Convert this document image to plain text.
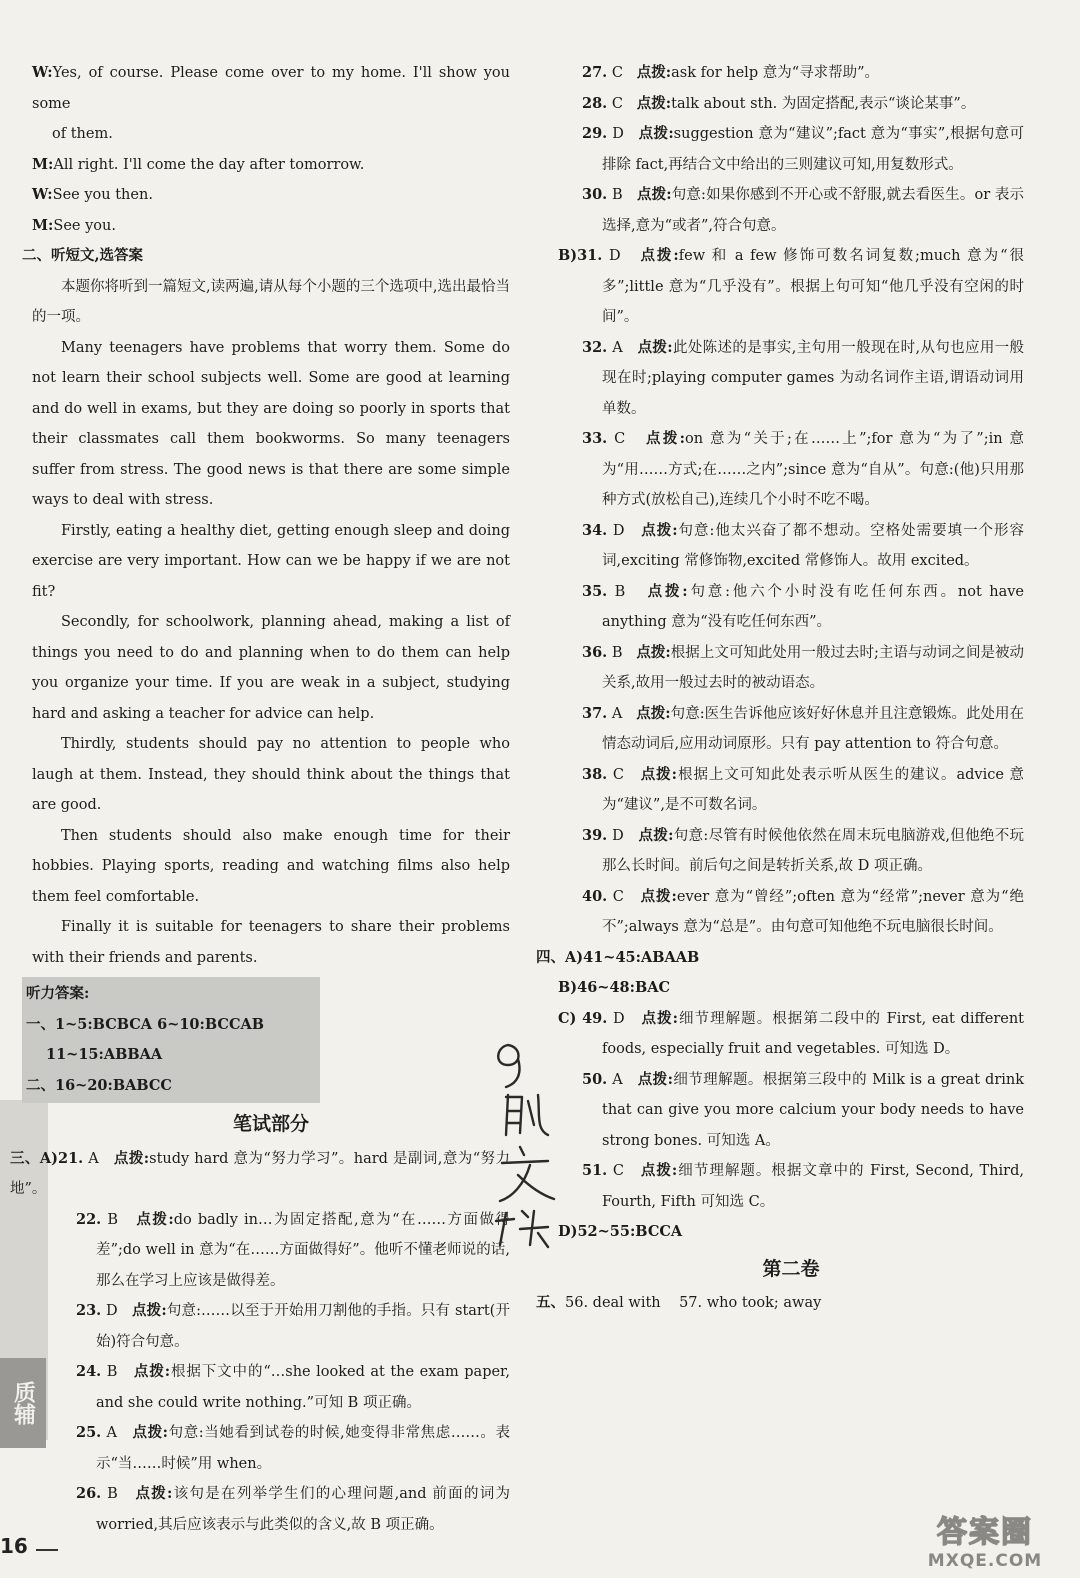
质辅

W:Yes, of course. Please come over to my home. I'll show you some

of them.

M:All right. I'll come the day after tomorrow.

W:See you then.

M:See you.

二、听短文,选答案

本题你将听到一篇短文,读两遍,请从每个小题的三个选项中,选出最恰当的一项。

Many teenagers have problems that worry them. Some do not learn their school subjects well. Some are good at learning and do well in exams, but they are doing so poorly in sports that their classmates call them bookworms. So many teenagers suffer from stress. The good news is that there are some simple ways to deal with stress.

Firstly, eating a healthy diet, getting enough sleep and doing exercise are very important. How can we be happy if we are not fit?

Secondly, for schoolwork, planning ahead, making a list of things you need to do and planning when to do them can help you organize your time. If you are weak in a subject, studying hard and asking a teacher for advice can help.

Thirdly, students should pay no attention to people who laugh at them. Instead, they should think about the things that are good.

Then students should also make enough time for their hobbies. Playing sports, reading and watching films also help them feel comfortable.

Finally it is suitable for teenagers to share their problems with their friends and parents.

听力答案:

一、1~5:BCBCA 6~10:BCCAB

11~15:ABBAA

二、16~20:BABCC

笔试部分

三、A)21. A 点拨:study hard 意为“努力学习”。hard 是副词,意为“努力地”。

22. B 点拨:do badly in…为固定搭配,意为“在……方面做得差”;do well in 意为“在……方面做得好”。他听不懂老师说的话,那么在学习上应该是做得差。

23. D 点拨:句意:……以至于开始用刀割他的手指。只有 start(开始)符合句意。

24. B 点拨:根据下文中的“…she looked at the exam paper, and she could write nothing.”可知 B 项正确。

25. A 点拨:句意:当她看到试卷的时候,她变得非常焦虑……。表示“当……时候”用 when。

26. B 点拨:该句是在列举学生们的心理问题,and 前面的词为 worried,其后应该表示与此类似的含义,故 B 项正确。

27. C 点拨:ask for help 意为“寻求帮助”。

28. C 点拨:talk about sth. 为固定搭配,表示“谈论某事”。

29. D 点拨:suggestion 意为“建议”;fact 意为“事实”,根据句意可排除 fact,再结合文中给出的三则建议可知,用复数形式。

30. B 点拨:句意:如果你感到不开心或不舒服,就去看医生。or 表示选择,意为“或者”,符合句意。

B)31. D 点拨:few 和 a few 修饰可数名词复数;much 意为“很多”;little 意为“几乎没有”。根据上句可知“他几乎没有空闲的时间”。

32. A 点拨:此处陈述的是事实,主句用一般现在时,从句也应用一般现在时;playing computer games 为动名词作主语,谓语动词用单数。

33. C 点拨:on 意为“关于;在……上”;for 意为“为了”;in 意为“用……方式;在……之内”;since 意为“自从”。句意:(他)只用那种方式(放松自己),连续几个小时不吃不喝。

34. D 点拨:句意:他太兴奋了都不想动。空格处需要填一个形容词,exciting 常修饰物,excited 常修饰人。故用 excited。

35. B 点拨:句意:他六个小时没有吃任何东西。not have anything 意为“没有吃任何东西”。

36. B 点拨:根据上文可知此处用一般过去时;主语与动词之间是被动关系,故用一般过去时的被动语态。

37. A 点拨:句意:医生告诉他应该好好休息并且注意锻炼。此处用在情态动词后,应用动词原形。只有 pay attention to 符合句意。

38. C 点拨:根据上文可知此处表示听从医生的建议。advice 意为“建议”,是不可数名词。

39. D 点拨:句意:尽管有时候他依然在周末玩电脑游戏,但他绝不玩那么长时间。前后句之间是转折关系,故 D 项正确。

40. C 点拨:ever 意为“曾经”;often 意为“经常”;never 意为“绝不”;always 意为“总是”。由句意可知他绝不玩电脑很长时间。

四、A)41~45:ABAAB

B)46~48:BAC

C) 49. D 点拨:细节理解题。根据第二段中的 First, eat different foods, especially fruit and vegetables. 可知选 D。

50. A 点拨:细节理解题。根据第三段中的 Milk is a great drink that can give you more calcium your body needs to have strong bones. 可知选 A。

51. C 点拨:细节理解题。根据文章中的 First, Second, Third, Fourth, Fifth 可知选 C。

D)52~55:BCCA

第二卷

五、56. deal with 57. who took; away

16	答案圈
MXQE.COM
